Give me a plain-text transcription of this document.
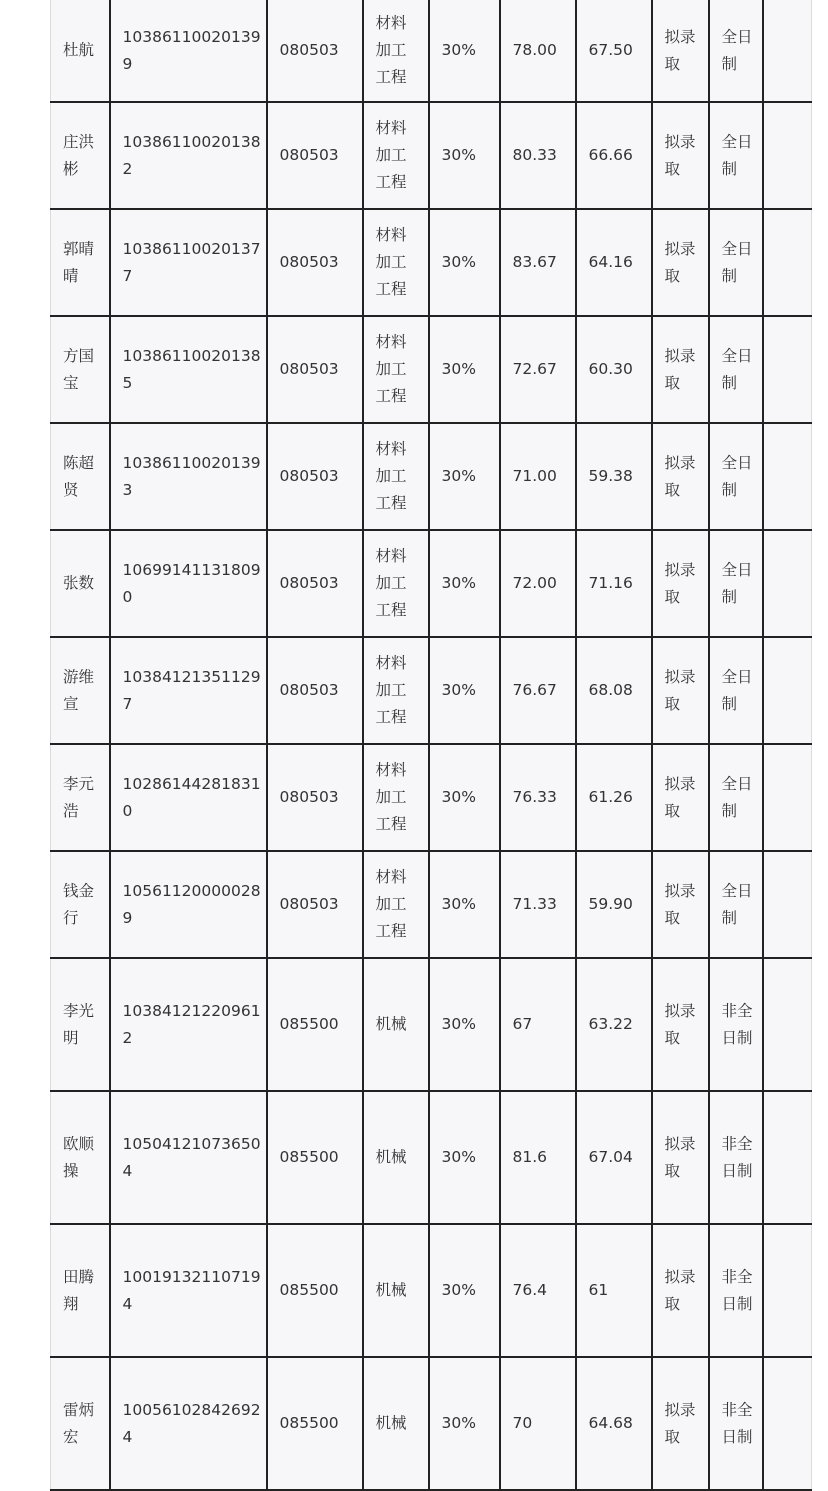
杜航	103861100201399	080503	材料加工工程	30%	78.00	67.50	拟录取	全日制	
庄洪彬	103861100201382	080503	材料加工工程	30%	80.33	66.66	拟录取	全日制	
郭晴晴	103861100201377	080503	材料加工工程	30%	83.67	64.16	拟录取	全日制	
方国宝	103861100201385	080503	材料加工工程	30%	72.67	60.30	拟录取	全日制	
陈超贤	103861100201393	080503	材料加工工程	30%	71.00	59.38	拟录取	全日制	
张数	106991411318090	080503	材料加工工程	30%	72.00	71.16	拟录取	全日制	
游维宣	103841213511297	080503	材料加工工程	30%	76.67	68.08	拟录取	全日制	
李元浩	102861442818310	080503	材料加工工程	30%	76.33	61.26	拟录取	全日制	
钱金行	105611200000289	080503	材料加工工程	30%	71.33	59.90	拟录取	全日制	
李光明	103841212209612	085500	机械	30%	67	63.22	拟录取	非全日制	
欧顺操	105041210736504	085500	机械	30%	81.6	67.04	拟录取	非全日制	
田腾翔	100191321107194	085500	机械	30%	76.4	61	拟录取	非全日制	
雷炳宏	100561028426924	085500	机械	30%	70	64.68	拟录取	非全日制	
